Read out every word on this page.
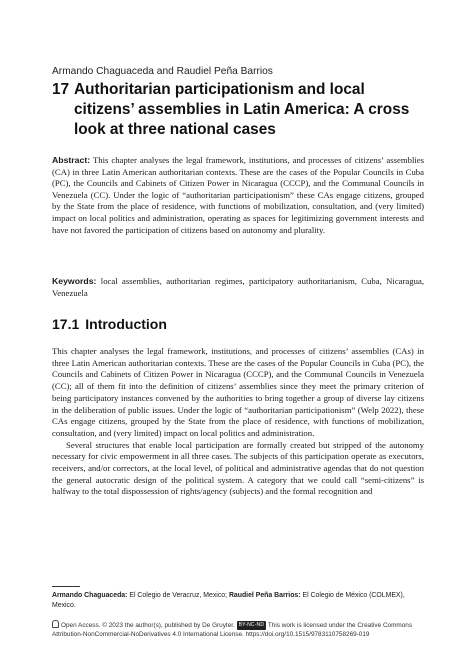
Armando Chaguaceda and Raudiel Peña Barrios
17 Authoritarian participationism and local citizens’ assemblies in Latin America: A cross look at three national cases
Abstract: This chapter analyses the legal framework, institutions, and processes of citizens’ assemblies (CA) in three Latin American authoritarian contexts. These are the cases of the Popular Councils in Cuba (PC), the Councils and Cabinets of Citizen Power in Nicaragua (CCCP), and the Communal Councils in Venezuela (CC). Under the logic of “authoritarian participationism” these CAs engage citizens, grouped by the State from the place of residence, with functions of mobilization, consultation, and (very limited) impact on local politics and administration, operating as spaces for legitimizing government interests and have not favored the participation of citizens based on autonomy and plurality.
Keywords: local assemblies, authoritarian regimes, participatory authoritarianism, Cuba, Nicaragua, Venezuela
17.1 Introduction

This chapter analyses the legal framework, institutions, and processes of citizens’ assemblies (CAs) in three Latin American authoritarian contexts. These are the cases of the Popular Councils in Cuba (PC), the Councils and Cabinets of Citizen Power in Nicaragua (CCCP), and the Communal Councils in Venezuela (CC); all of them fit into the definition of citizens’ assemblies since they meet the primary criterion of being participatory instances convened by the authorities to bring together a group of diverse lay citizens in the deliberation of public issues. Under the logic of “authoritarian participationism” (Welp 2022), these CAs engage citizens, grouped by the State from the place of residence, with functions of mobilization, consultation, and (very limited) impact on local politics and administration.

Several structures that enable local participation are formally created but stripped of the autonomy necessary for civic empowerment in all three cases. The subjects of this participation operate as executors, receivers, and/or correctors, at the local level, of political and administrative agendas that do not question the general autocratic design of the political system. A category that we could call “semi-citizens” is halfway to the total dispossession of rights/agency (subjects) and the formal recognition and

Armando Chaguaceda: El Colegio de Veracruz, Mexico; Raudiel Peña Barrios: El Colegio de México (COLMEX), Mexico.
Open Access. © 2023 the author(s), published by De Gruyter. BY-NC-ND This work is licensed under the Creative Commons Attribution-NonCommercial-NoDerivatives 4.0 International License. https://doi.org/10.1515/9783110758269-019
